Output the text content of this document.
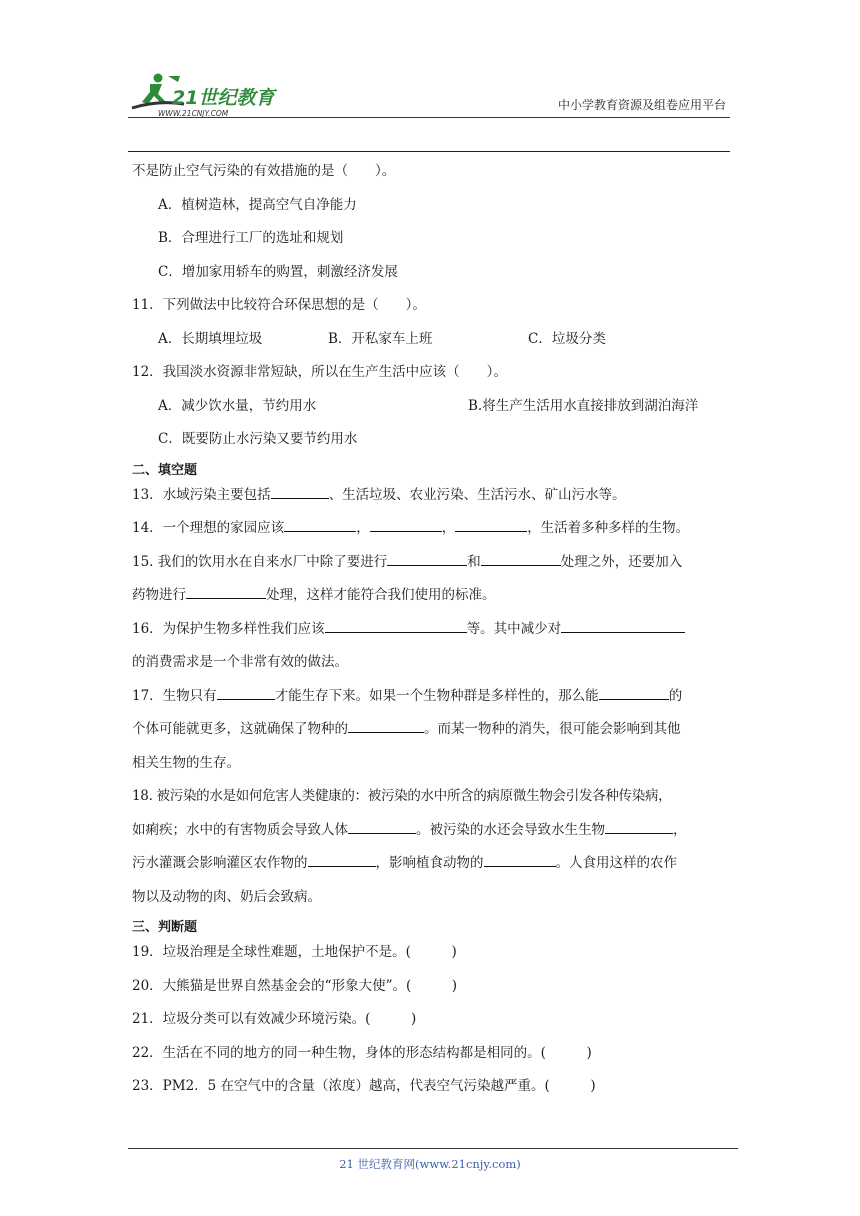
21世纪教育
WWW.21CNJY.COM
中小学教育资源及组卷应用平台
不是防止空气污染的有效措施的是（　　）。
A．植树造林，提高空气自净能力
B．合理进行工厂的选址和规划
C．增加家用轿车的购置，刺激经济发展
11．下列做法中比较符合环保思想的是（　　）。
A．长期填埋垃圾	B．开私家车上班	C．垃圾分类
12．我国淡水资源非常短缺，所以在生产生活中应该（　　）。
A．减少饮水量，节约用水	B.将生产生活用水直接排放到湖泊海洋
C．既要防止水污染又要节约用水
二、填空题
13．水域污染主要包括	、生活垃圾、农业污染、生活污水、矿山污水等。
14．一个理想的家园应该	，	，	，生活着多种多样的生物。
15. 我们的饮用水在自来水厂中除了要进行	和	处理之外，还要加入
药物进行	处理，这样才能符合我们使用的标准。
16．为保护生物多样性我们应该	等。其中减少对
的消费需求是一个非常有效的做法。
17．生物只有	才能生存下来。如果一个生物种群是多样性的，那么能	的
个体可能就更多，这就确保了物种的	。而某一物种的消失，很可能会影响到其他
相关生物的生存。
18. 被污染的水是如何危害人类健康的：被污染的水中所含的病原微生物会引发各种传染病，
如痢疾；水中的有害物质会导致人体	。被污染的水还会导致水生生物	，
污水灌溉会影响灌区农作物的	，影响植食动物的	。人食用这样的农作
物以及动物的肉、奶后会致病。
三、判断题
19．垃圾治理是全球性难题，土地保护不是。(　　　)
20．大熊猫是世界自然基金会的“形象大使”。(　　　)
21．垃圾分类可以有效减少环境污染。(　　　)
22．生活在不同的地方的同一种生物，身体的形态结构都是相同的。(　　　)
23．PM2．5 在空气中的含量（浓度）越高，代表空气污染越严重。(　　　)
21 世纪教育网(www.21cnjy.com)
